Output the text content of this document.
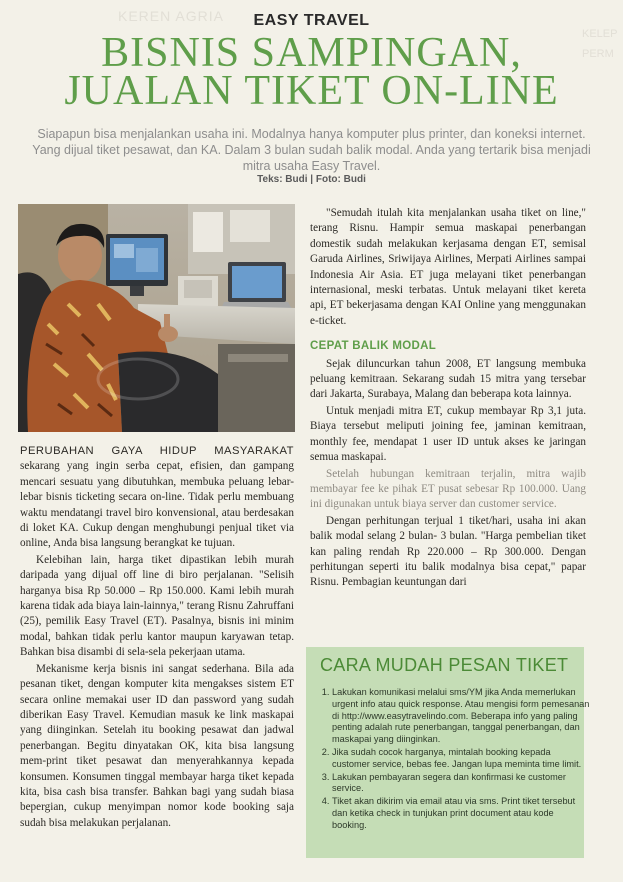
KEREN AGRIA
KELEP
PERM
EASY TRAVEL
BISNIS SAMPINGAN,
JUALAN TIKET ON-LINE
Siapapun bisa menjalankan usaha ini. Modalnya hanya komputer plus printer, dan koneksi internet. Yang dijual tiket pesawat, dan KA. Dalam 3 bulan sudah balik modal. Anda yang tertarik bisa menjadi mitra usaha Easy Travel.
Teks: Budi | Foto: Budi

PERUBAHAN GAYA HIDUP MASYARAKAT sekarang yang ingin serba cepat, efisien, dan gampang mencari sesuatu yang dibutuhkan, membuka peluang lebar-lebar bisnis ticketing secara on-line. Tidak perlu membuang waktu mendatangi travel biro konvensional, atau berdesakan di loket KA. Cukup dengan menghubungi penjual tiket via online, Anda bisa langsung berangkat ke tujuan.

Kelebihan lain, harga tiket dipastikan lebih murah daripada yang dijual off line di biro perjalanan. "Selisih harganya bisa Rp 50.000 – Rp 150.000. Kami lebih murah karena tidak ada biaya lain-lainnya," terang Risnu Zahruffani (25), pemilik Easy Travel (ET). Pasalnya, bisnis ini minim modal, bahkan tidak perlu kantor maupun karyawan tetap. Bahkan bisa disambi di sela-sela pekerjaan utama.

Mekanisme kerja bisnis ini sangat sederhana. Bila ada pesanan tiket, dengan komputer kita mengakses sistem ET secara online memakai user ID dan password yang sudah diberikan Easy Travel. Kemudian masuk ke link maskapai yang diinginkan. Setelah itu booking pesawat dan jadwal penerbangan. Begitu dinyatakan OK, kita bisa langsung mem-print tiket pesawat dan menyerahkannya kepada konsumen. Konsumen tinggal membayar harga tiket kepada kita, bisa cash bisa transfer. Bahkan bagi yang sudah biasa bepergian, cukup menyimpan nomor kode booking saja sudah bisa melakukan perjalanan.

"Semudah itulah kita menjalankan usaha tiket on line," terang Risnu. Hampir semua maskapai penerbangan domestik sudah melakukan kerjasama dengan ET, semisal Garuda Airlines, Sriwijaya Airlines, Merpati Airlines sampai Indonesia Air Asia. ET juga melayani tiket penerbangan internasional, meski terbatas. Untuk melayani tiket kereta api, ET bekerjasama dengan KAI Online yang menggunakan e-ticket.

CEPAT BALIK MODAL

Sejak diluncurkan tahun 2008, ET langsung membuka peluang kemitraan. Sekarang sudah 15 mitra yang tersebar dari Jakarta, Surabaya, Malang dan beberapa kota lainnya.

Untuk menjadi mitra ET, cukup membayar Rp 3,1 juta. Biaya tersebut meliputi joining fee, jaminan kemitraan, monthly fee, mendapat 1 user ID untuk akses ke jaringan semua maskapai.

Setelah hubungan kemitraan terjalin, mitra wajib membayar fee ke pihak ET pusat sebesar Rp 100.000. Uang ini digunakan untuk biaya server dan customer service.

Dengan perhitungan terjual 1 tiket/hari, usaha ini akan balik modal selang 2 bulan- 3 bulan. "Harga pembelian tiket kan paling rendah Rp 220.000 – Rp 300.000. Dengan perhitungan seperti itu balik modalnya bisa cepat," papar Risnu. Pembagian keuntungan dari

CARA MUDAH PESAN TIKET
1. Lakukan komunikasi melalui sms/YM jika Anda memerlukan urgent info atau quick response. Atau mengisi form pemesanan di http://www.easytravelindo.com. Beberapa info yang paling penting adalah rute penerbangan, tanggal penerbangan, dan maskapai yang diinginkan.
2. Jika sudah cocok harganya, mintalah booking kepada customer service, bebas fee. Jangan lupa meminta time limit.
3. Lakukan pembayaran segera dan konfirmasi ke customer service.
4. Tiket akan dikirim via email atau via sms. Print tiket tersebut dan ketika check in tunjukan print document atau kode booking.
